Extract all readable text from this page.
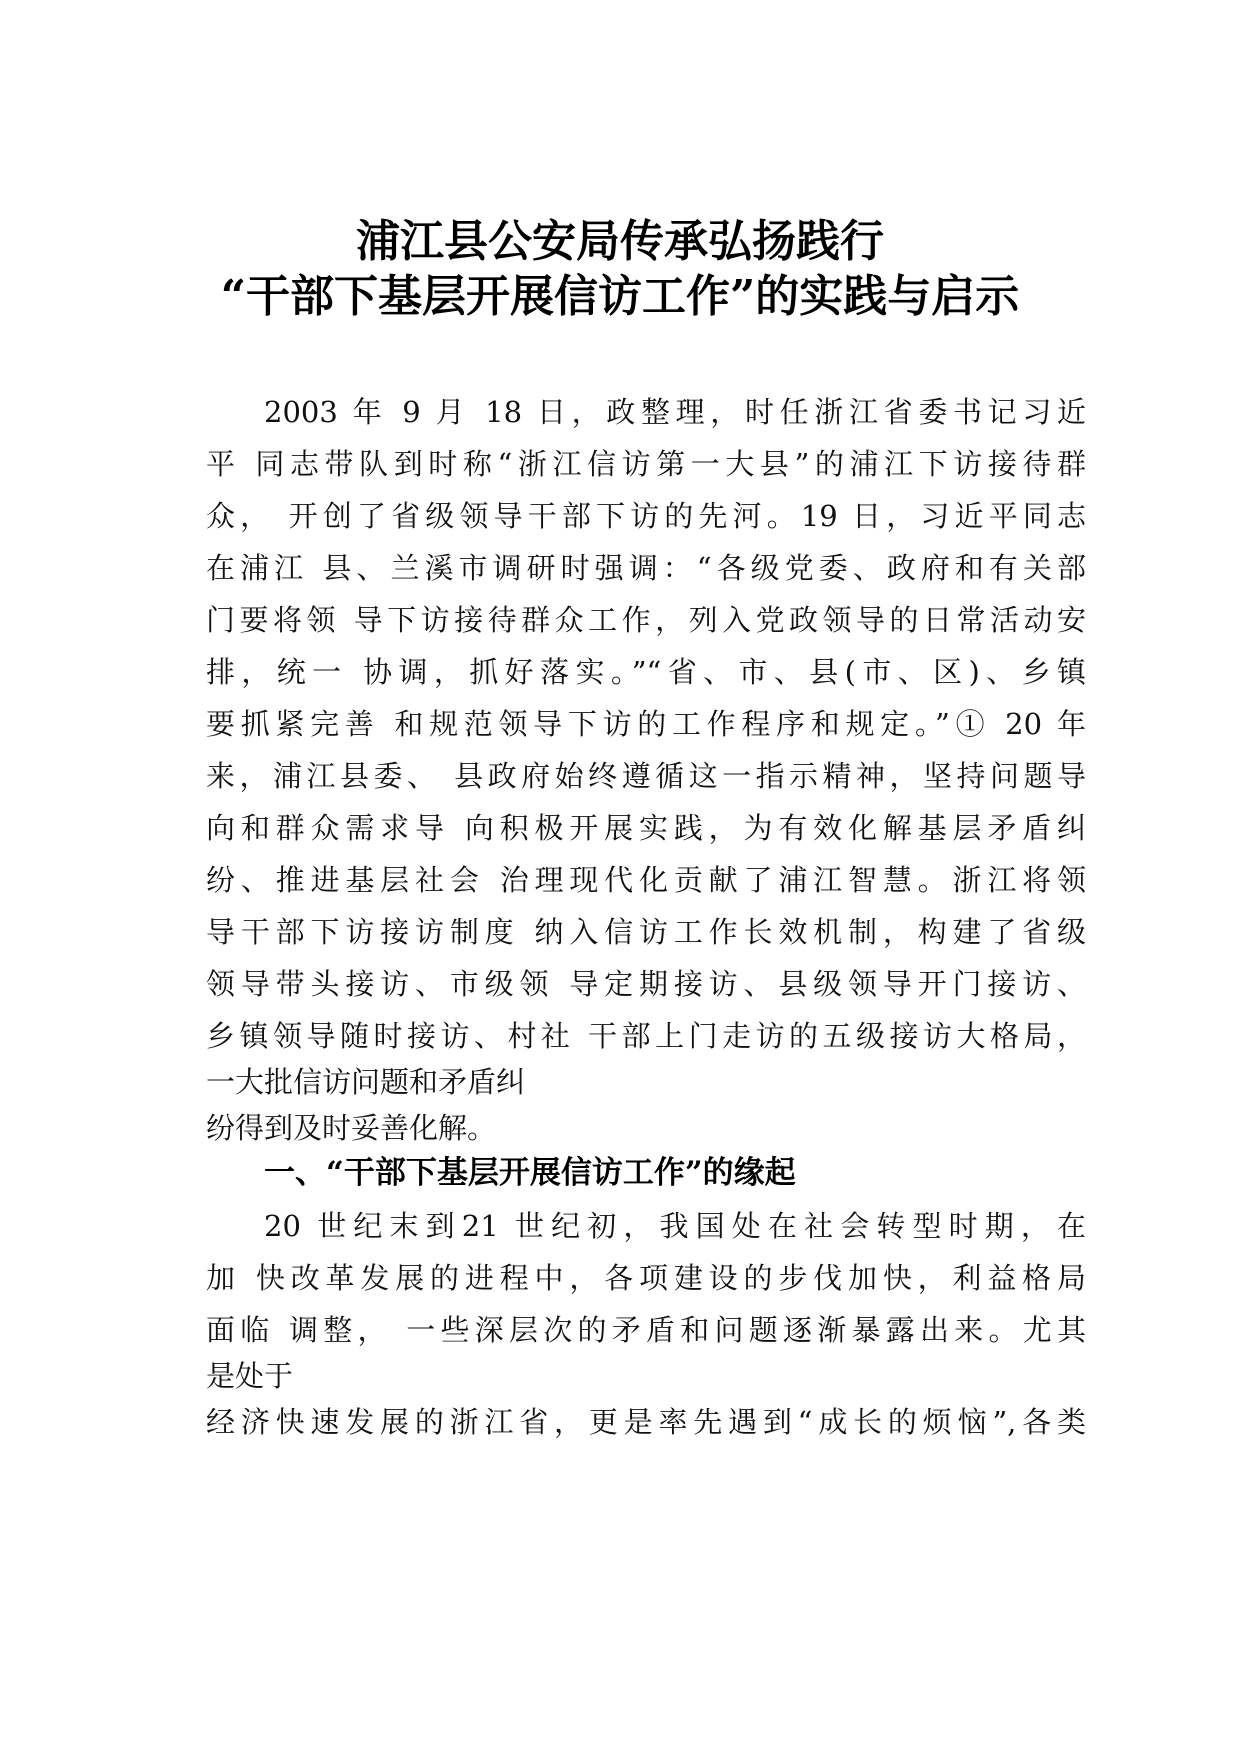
浦江县公安局传承弘扬践行
“干部下基层开展信访工作”的实践与启示
2003 年 9 月 18 日，政整理，时任浙江省委书记习近
平 同志带队到时称“浙江信访第一大县”的浦江下访接待群
众， 开创了省级领导干部下访的先河。19 日，习近平同志
在浦江 县、兰溪市调研时强调：“各级党委、政府和有关部
门要将领 导下访接待群众工作，列入党政领导的日常活动安
排，统一 协调，抓好落实。”“省、市、县(市、区)、乡镇
要抓紧完善 和规范领导下访的工作程序和规定。”① 20 年
来，浦江县委、 县政府始终遵循这一指示精神，坚持问题导
向和群众需求导 向积极开展实践，为有效化解基层矛盾纠
纷、推进基层社会 治理现代化贡献了浦江智慧。浙江将领
导干部下访接访制度 纳入信访工作长效机制，构建了省级
领导带头接访、市级领 导定期接访、县级领导开门接访、
乡镇领导随时接访、村社 干部上门走访的五级接访大格局，
一大批信访问题和矛盾纠
纷得到及时妥善化解。
一、“干部下基层开展信访工作”的缘起
20 世纪末到21 世纪初，我国处在社会转型时期，在
加 快改革发展的进程中，各项建设的步伐加快，利益格局
面临 调整， 一些深层次的矛盾和问题逐渐暴露出来。尤其
是处于
经济快速发展的浙江省，更是率先遇到“成长的烦恼”,各类
